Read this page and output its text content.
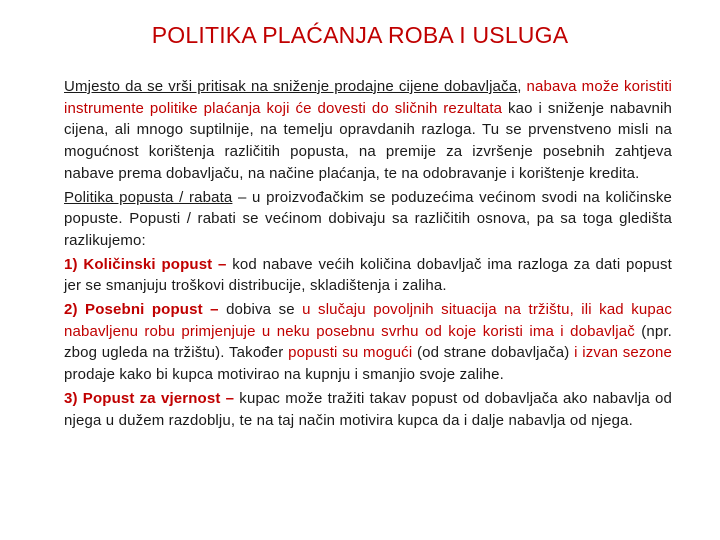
POLITIKA PLAĆANJA ROBA I USLUGA

Umjesto da se vrši pritisak na sniženje prodajne cijene dobavljača, nabava može koristiti instrumente politike plaćanja koji će dovesti do sličnih rezultata kao i sniženje nabavnih cijena, ali mnogo suptilnije, na temelju opravdanih razloga. Tu se prvenstveno misli na mogućnost korištenja različitih popusta, na premije za izvršenje posebnih zahtjeva nabave prema dobavljaču, na načine plaćanja, te na odobravanje i korištenje kredita.

Politika popusta / rabata – u proizvođačkim se poduzećima većinom svodi na količinske popuste. Popusti / rabati se većinom dobivaju sa različitih osnova, pa sa toga gledišta razlikujemo:

1) Količinski popust – kod nabave većih količina dobavljač ima razloga za dati popust jer se smanjuju troškovi distribucije, skladištenja i zaliha.

2) Posebni popust – dobiva se u slučaju povoljnih situacija na tržištu, ili kad kupac nabavljenu robu primjenjuje u neku posebnu svrhu od koje koristi ima i dobavljač (npr. zbog ugleda na tržištu). Također popusti su mogući (od strane dobavljača) i izvan sezone prodaje kako bi kupca motivirao na kupnju i smanjio svoje zalihe.

3) Popust za vjernost – kupac može tražiti takav popust od dobavljača ako nabavlja od njega u dužem razdoblju, te na taj način motivira kupca da i dalje nabavlja od njega.
